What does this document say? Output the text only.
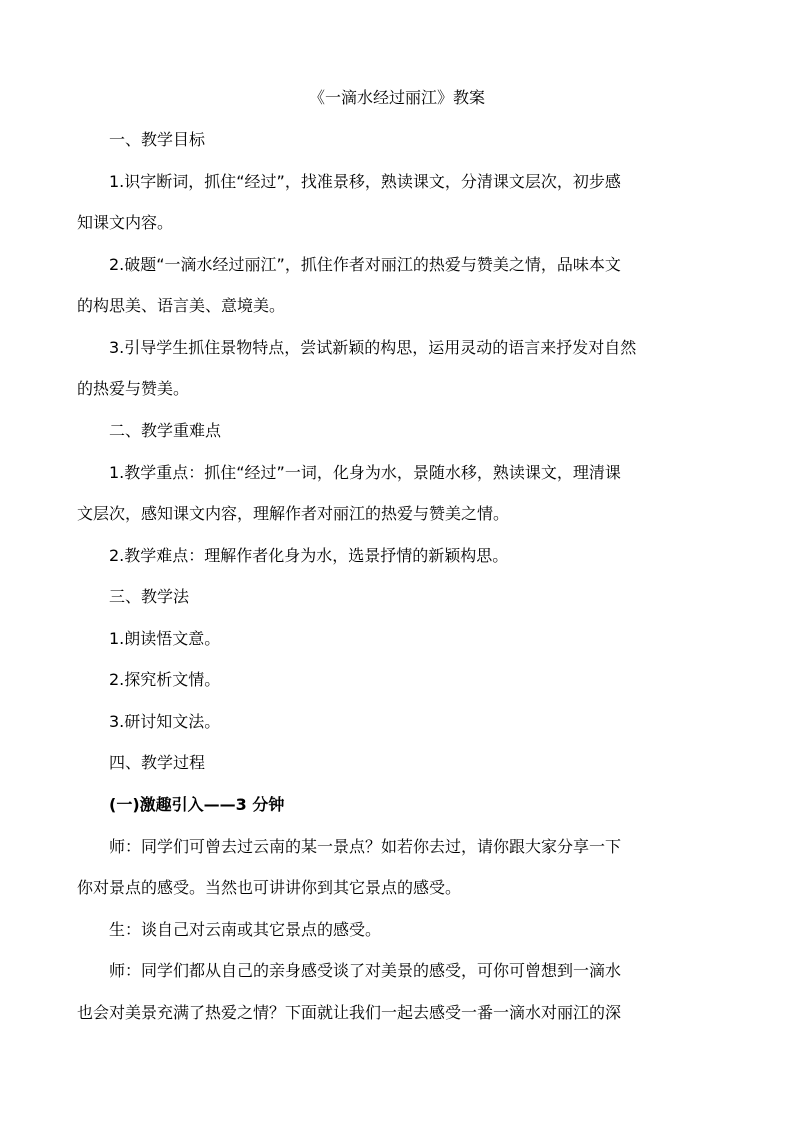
《一滴水经过丽江》教案
一、教学目标
1.识字断词，抓住“经过”，找准景移，熟读课文，分清课文层次，初步感
知课文内容。
2.破题“一滴水经过丽江”，抓住作者对丽江的热爱与赞美之情，品味本文
的构思美、语言美、意境美。
3.引导学生抓住景物特点，尝试新颖的构思，运用灵动的语言来抒发对自然
的热爱与赞美。
二、教学重难点
1.教学重点：抓住“经过”一词，化身为水，景随水移，熟读课文，理清课
文层次，感知课文内容，理解作者对丽江的热爱与赞美之情。
2.教学难点：理解作者化身为水，选景抒情的新颖构思。
三、教学法
1.朗读悟文意。
2.探究析文情。
3.研讨知文法。
四、教学过程
(一)激趣引入——3 分钟
师：同学们可曾去过云南的某一景点？如若你去过，请你跟大家分享一下
你对景点的感受。当然也可讲讲你到其它景点的感受。
生：谈自己对云南或其它景点的感受。
师：同学们都从自己的亲身感受谈了对美景的感受，可你可曾想到一滴水
也会对美景充满了热爱之情？下面就让我们一起去感受一番一滴水对丽江的深
